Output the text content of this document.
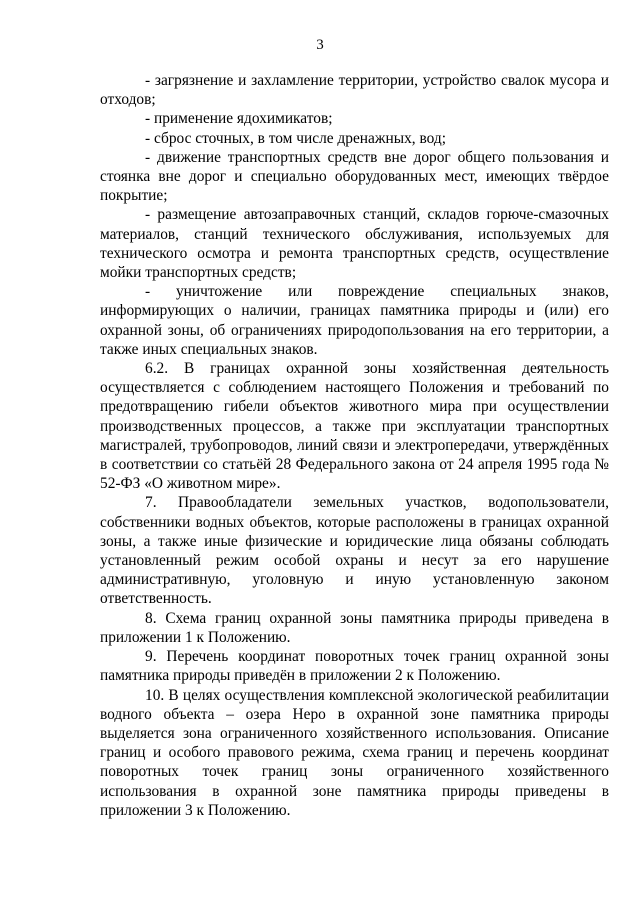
3

- загрязнение и захламление территории, устройство свалок мусора и отходов;

- применение ядохимикатов;

- сброс сточных, в том числе дренажных, вод;

- движение транспортных средств вне дорог общего пользования и стоянка вне дорог и специально оборудованных мест, имеющих твёрдое покрытие;

- размещение автозаправочных станций, складов горюче-смазочных материалов, станций технического обслуживания, используемых для технического осмотра и ремонта транспортных средств, осуществление мойки транспортных средств;

- уничтожение или повреждение специальных знаков, информирующих о наличии, границах памятника природы и (или) его охранной зоны, об ограничениях природопользования на его территории, а также иных специальных знаков.

6.2. В границах охранной зоны хозяйственная деятельность осуществляется с соблюдением настоящего Положения и требований по предотвращению гибели объектов животного мира при осуществлении производственных процессов, а также при эксплуатации транспортных магистралей, трубопроводов, линий связи и электропередачи, утверждённых в соответствии со статьёй 28 Федерального закона от 24 апреля 1995 года № 52-ФЗ «О животном мире».

7. Правообладатели земельных участков, водопользователи, собственники водных объектов, которые расположены в границах охранной зоны, а также иные физические и юридические лица обязаны соблюдать установленный режим особой охраны и несут за его нарушение административную, уголовную и иную установленную законом ответственность.

8. Схема границ охранной зоны памятника природы приведена в приложении 1 к Положению.

9. Перечень координат поворотных точек границ охранной зоны памятника природы приведён в приложении 2 к Положению.

10. В целях осуществления комплексной экологической реабилитации водного объекта – озера Неро в охранной зоне памятника природы выделяется зона ограниченного хозяйственного использования. Описание границ и особого правового режима, схема границ и перечень координат поворотных точек границ зоны ограниченного хозяйственного использования в охранной зоне памятника природы приведены в приложении 3 к Положению.
